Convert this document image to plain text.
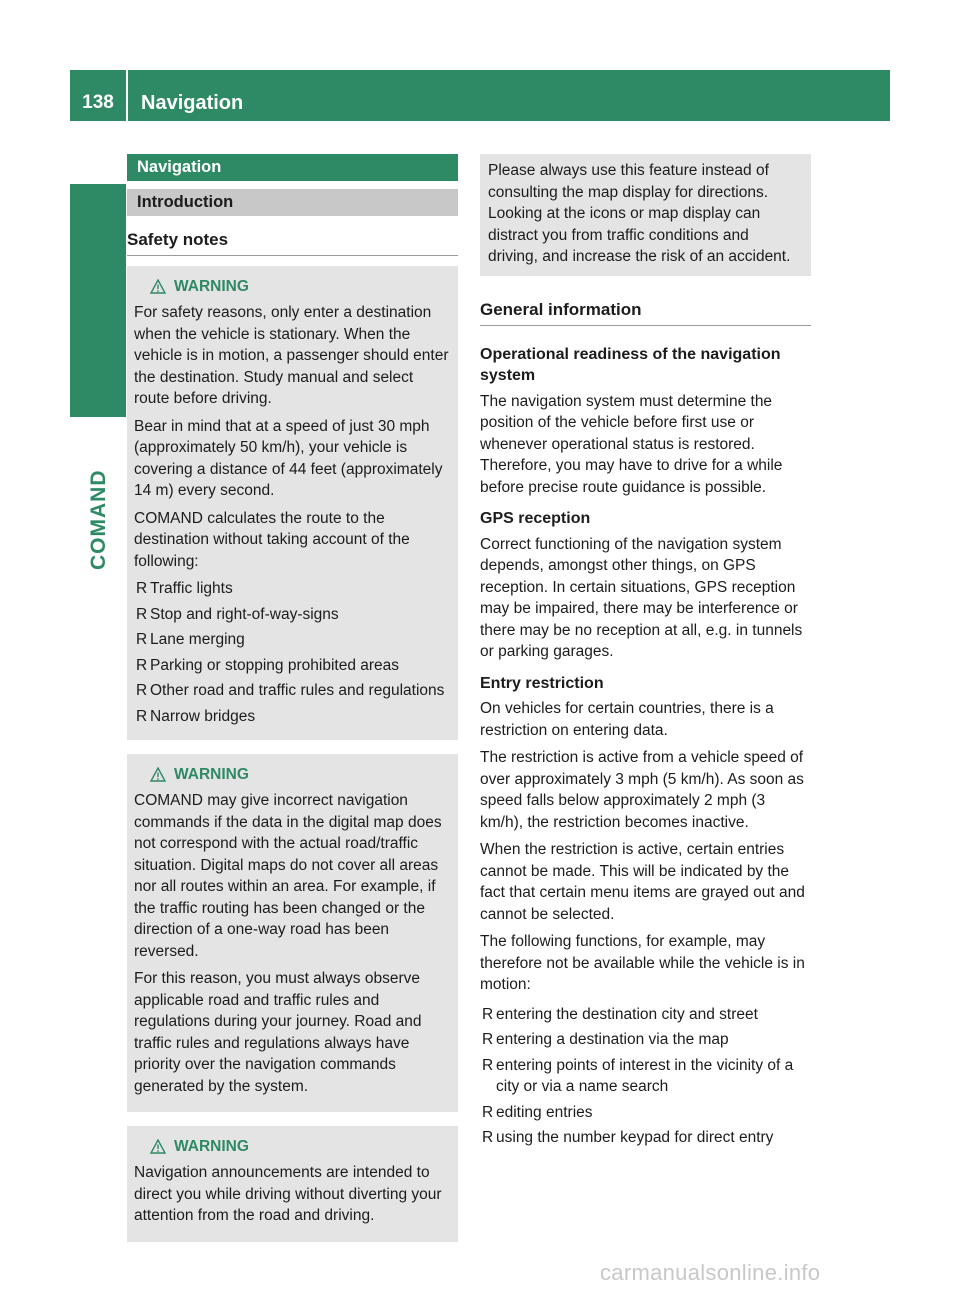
138	Navigation
COMAND
Navigation
Introduction
Safety notes
WARNING

For safety reasons, only enter a destination when the vehicle is stationary. When the vehicle is in motion, a passenger should enter the destination. Study manual and select route before driving.

Bear in mind that at a speed of just 30 mph (approximately 50 km/h), your vehicle is covering a distance of 44 feet (approximately 14 m) every second.

COMAND calculates the route to the destination without taking account of the following:

R Traffic lights
R Stop and right-of-way-signs
R Lane merging
R Parking or stopping prohibited areas
R Other road and traffic rules and regulations
R Narrow bridges
WARNING

COMAND may give incorrect navigation commands if the data in the digital map does not correspond with the actual road/traffic situation. Digital maps do not cover all areas nor all routes within an area. For example, if the traffic routing has been changed or the direction of a one-way road has been reversed.

For this reason, you must always observe applicable road and traffic rules and regulations during your journey. Road and traffic rules and regulations always have priority over the navigation commands generated by the system.

WARNING

Navigation announcements are intended to direct you while driving without diverting your attention from the road and driving.

Please always use this feature instead of consulting the map display for directions. Looking at the icons or map display can distract you from traffic conditions and driving, and increase the risk of an accident.

General information
Operational readiness of the navigation system

The navigation system must determine the position of the vehicle before first use or whenever operational status is restored. Therefore, you may have to drive for a while before precise route guidance is possible.

GPS reception

Correct functioning of the navigation system depends, amongst other things, on GPS reception. In certain situations, GPS reception may be impaired, there may be interference or there may be no reception at all, e.g. in tunnels or parking garages.

Entry restriction

On vehicles for certain countries, there is a restriction on entering data.

The restriction is active from a vehicle speed of over approximately 3 mph (5 km/h). As soon as speed falls below approximately 2 mph (3 km/h), the restriction becomes inactive.

When the restriction is active, certain entries cannot be made. This will be indicated by the fact that certain menu items are grayed out and cannot be selected.

The following functions, for example, may therefore not be available while the vehicle is in motion:

R entering the destination city and street
R entering a destination via the map
R entering points of interest in the vicinity of a city or via a name search
R editing entries
R using the number keypad for direct entry
carmanualsonline.info
